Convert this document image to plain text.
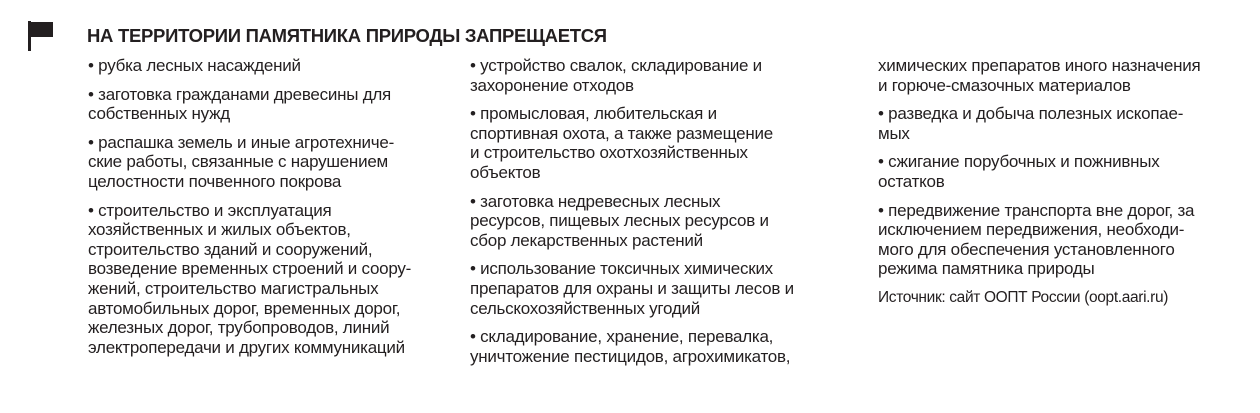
НА ТЕРРИТОРИИ ПАМЯТНИКА ПРИРОДЫ ЗАПРЕЩАЕТСЯ
• рубка лесных насаждений
• заготовка гражданами древесины для
собственных нужд
• распашка земель и иные агротехниче-
ские работы, связанные с нарушением
целостности почвенного покрова
• строительство и эксплуатация
хозяйственных и жилых объектов,
строительство зданий и сооружений,
возведение временных строений и соору-
жений, строительство магистральных
автомобильных дорог, временных дорог,
железных дорог, трубопроводов, линий
электропередачи и других коммуникаций
• устройство свалок, складирование и
захоронение отходов
• промысловая, любительская и
спортивная охота, а также размещение
и строительство охотхозяйственных
объектов
• заготовка недревесных лесных
ресурсов, пищевых лесных ресурсов и
сбор лекарственных растений
• использование токсичных химических
препаратов для охраны и защиты лесов и
сельскохозяйственных угодий
• складирование, хранение, перевалка,
уничтожение пестицидов, агрохимикатов,
химических препаратов иного назначения
и горюче-смазочных материалов
• разведка и добыча полезных ископае-
мых
• сжигание порубочных и пожнивных
остатков
• передвижение транспорта вне дорог, за
исключением передвижения, необходи-
мого для обеспечения установленного
режима памятника природы
Источник: сайт ООПТ России (oopt.aari.ru)
